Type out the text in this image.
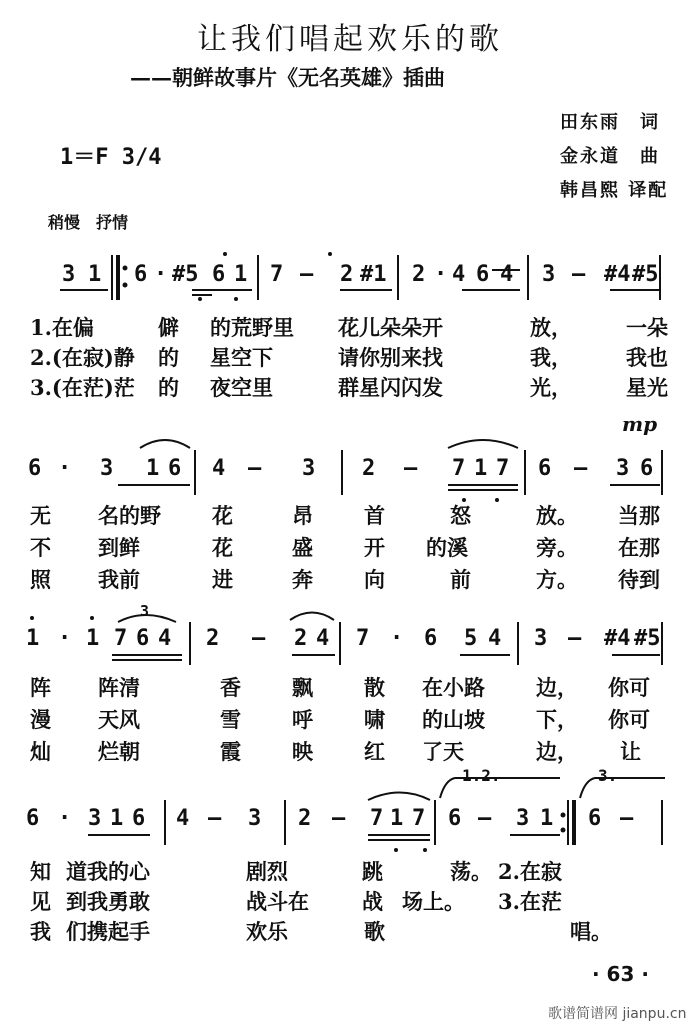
让我们唱起欢乐的歌
——朝鲜故事片《无名英雄》插曲
田东雨　词
金永道　曲
韩昌熙 译配
1＝F 3/4
稍慢　抒情
mp
1.2.	3.
3
3 1 6 · #5 6 1 7 — 2 #1 2 · 4 6 4 3 — #4 #5
1.在偏	僻 的荒野里 花儿朵朵开	放，	一朵
2.(在寂)静 的 星空下	请你别来找	我，	我也
3.(在茫)茫 的 夜空里	群星闪闪发	光，	星光
6 · 3 1 6 4 — 3 2 — 7 1 7 6 — 3 6
无 名的野 花	昂 首	怒	放。 当那
不 到鲜	花	盛 开 的溪	旁。 在那
照 我前	进	奔 向	前	方。 待到
1 · 1 7 6 4 2 — 2 4 7 · 6 5 4 3 — #4 #5
阵 阵清	香 飘 散 在小路 边， 你可
漫 天风	雪 呼 啸 的山坡 下， 你可
灿 烂朝	霞 映 红 了天	边， 让
6 · 3 1 6 4 — 3 2 — 7 1 7 6 — 3 1 6 —
知 道我的心	剧烈	跳	荡。 2.在寂
见 到我勇敢	战斗在	战 场上。 3.在茫
我 们携起手	欢乐	歌	唱。
· 63 ·
歌谱简谱网 jianpu.cn
